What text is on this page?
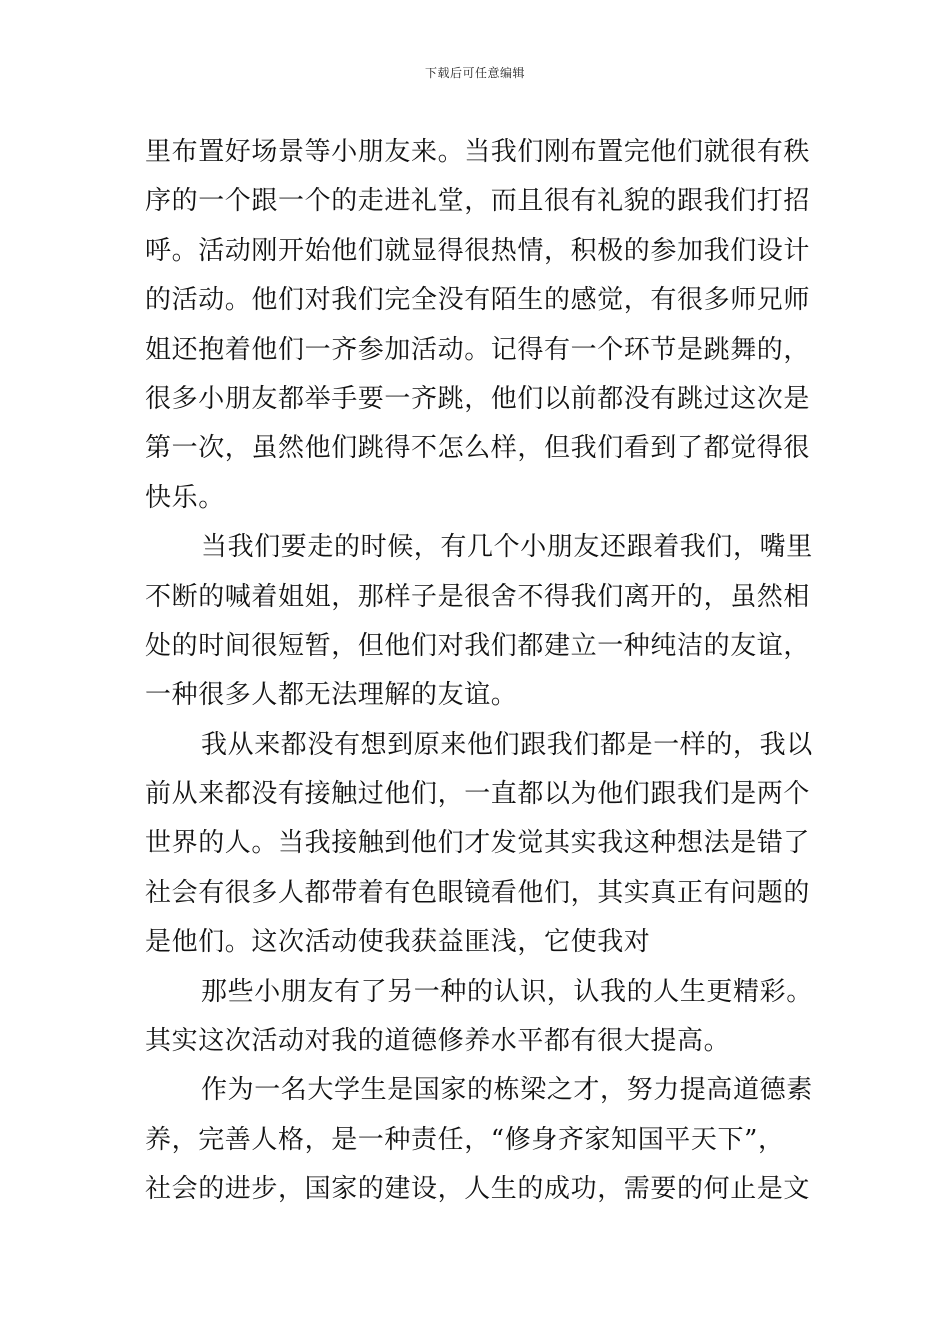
下载后可任意编辑
里布置好场景等小朋友来。当我们刚布置完他们就很有秩
序的一个跟一个的走进礼堂，而且很有礼貌的跟我们打招
呼。活动刚开始他们就显得很热情，积极的参加我们设计
的活动。他们对我们完全没有陌生的感觉，有很多师兄师
姐还抱着他们一齐参加活动。记得有一个环节是跳舞的，
很多小朋友都举手要一齐跳，他们以前都没有跳过这次是
第一次，虽然他们跳得不怎么样，但我们看到了都觉得很
快乐。
当我们要走的时候，有几个小朋友还跟着我们，嘴里
不断的喊着姐姐，那样子是很舍不得我们离开的，虽然相
处的时间很短暂，但他们对我们都建立一种纯洁的友谊，
一种很多人都无法理解的友谊。
我从来都没有想到原来他们跟我们都是一样的，我以
前从来都没有接触过他们，一直都以为他们跟我们是两个
世界的人。当我接触到他们才发觉其实我这种想法是错了
社会有很多人都带着有色眼镜看他们，其实真正有问题的
是他们。这次活动使我获益匪浅，它使我对
那些小朋友有了另一种的认识，认我的人生更精彩。
其实这次活动对我的道德修养水平都有很大提高。
作为一名大学生是国家的栋梁之才，努力提高道德素
养，完善人格，是一种责任，“修身齐家知国平天下”，
社会的进步，国家的建设，人生的成功，需要的何止是文
